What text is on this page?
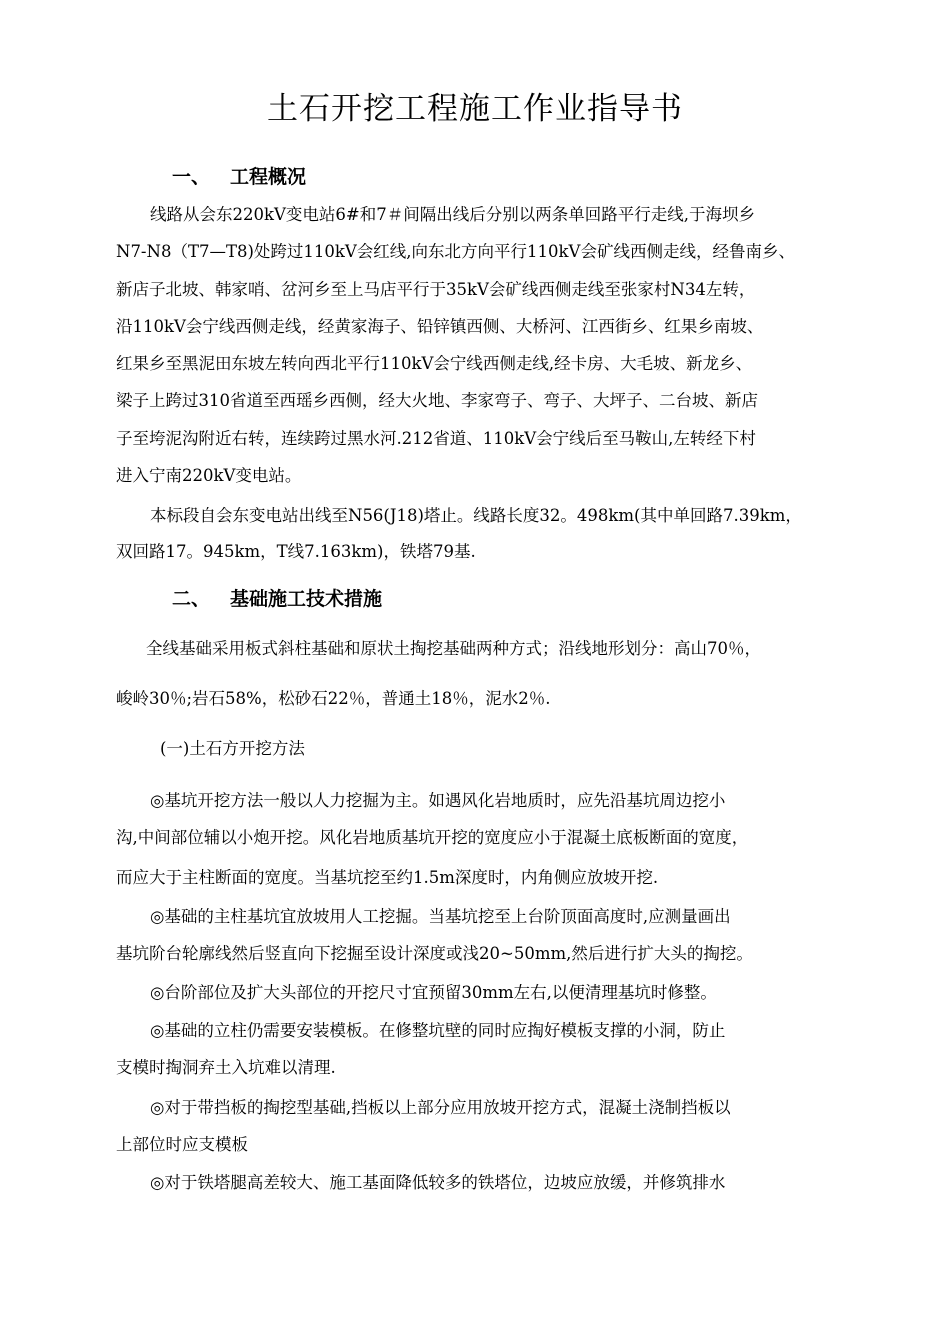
土石开挖工程施工作业指导书
一、 工程概况
线路从会东220kV变电站6#和7＃间隔出线后分别以两条单回路平行走线,于海坝乡
N7-N8（T7—T8)处跨过110kV会红线,向东北方向平行110kV会矿线西侧走线，经鲁南乡、
新店子北坡、韩家哨、岔河乡至上马店平行于35kV会矿线西侧走线至张家村N34左转，
沿110kV会宁线西侧走线，经黄家海子、铅锌镇西侧、大桥河、江西街乡、红果乡南坡、
红果乡至黑泥田东坡左转向西北平行110kV会宁线西侧走线,经卡房、大毛坡、新龙乡、
梁子上跨过310省道至西瑶乡西侧，经大火地、李家弯子、弯子、大坪子、二台坡、新店
子至垮泥沟附近右转，连续跨过黑水河.212省道、110kV会宁线后至马鞍山,左转经下村
进入宁南220kV变电站。
本标段自会东变电站出线至N56(J18)塔止。线路长度32。498km(其中单回路7.39km，
双回路17。945km，T线7.163km)，铁塔79基.
二、 基础施工技术措施
全线基础采用板式斜柱基础和原状土掏挖基础两种方式；沿线地形划分：高山70％，
峻岭30％;岩石58%，松砂石22％，普通土18％，泥水2％.
(一)土石方开挖方法
◎基坑开挖方法一般以人力挖掘为主。如遇风化岩地质时，应先沿基坑周边挖小
沟,中间部位辅以小炮开挖。风化岩地质基坑开挖的宽度应小于混凝土底板断面的宽度，
而应大于主柱断面的宽度。当基坑挖至约1.5m深度时，内角侧应放坡开挖.
◎基础的主柱基坑宜放坡用人工挖掘。当基坑挖至上台阶顶面高度时,应测量画出
基坑阶台轮廓线然后竖直向下挖掘至设计深度或浅20~50mm,然后进行扩大头的掏挖。
◎台阶部位及扩大头部位的开挖尺寸宜预留30mm左右,以便清理基坑时修整。
◎基础的立柱仍需要安装模板。在修整坑壁的同时应掏好模板支撑的小洞，防止
支模时掏洞弃土入坑难以清理.
◎对于带挡板的掏挖型基础,挡板以上部分应用放坡开挖方式，混凝土浇制挡板以
上部位时应支模板
◎对于铁塔腿高差较大、施工基面降低较多的铁塔位，边坡应放缓，并修筑排水
